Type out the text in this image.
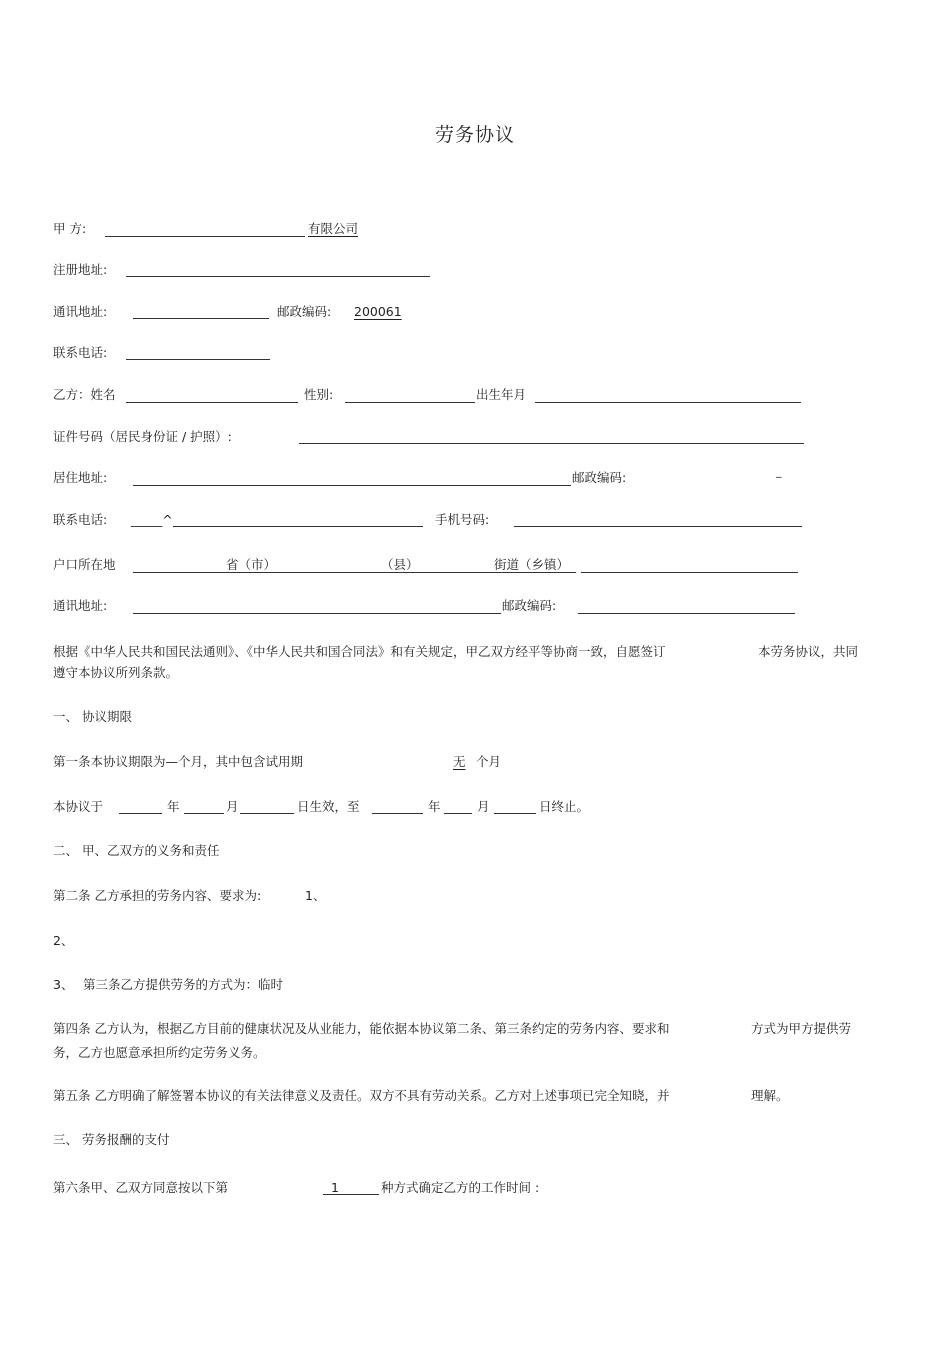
劳务协议
甲 方:	有限公司
注册地址:
通讯地址:	邮政编码: 200061
联系电话:
乙方：姓名	性别:	出生年月
证件号码（居民身份证 / 护照）:
居住地址:	邮政编码:	‾
联系电话: _____^	手机号码:
户口所在地	省（市）	（县）	街道（乡镇）
通讯地址:	邮政编码:
根据《中华人民共和国民法通则》、《中华人民共和国合同法》和有关规定，甲乙双方经平等协商一致，自愿签订	本劳务协议，共同
遵守本协议所列条款。
一、 协议期限
第一条本协议期限为—个月，其中包含试用期	无 个月
本协议于	年	月	日生效，至	年	月	日终止。
二、 甲、乙双方的义务和责任
第二条 乙方承担的劳务内容、要求为:	1、
2、
3、 第三条乙方提供劳务的方式为：临时
第四条 乙方认为，根据乙方目前的健康状况及从业能力，能依据本协议第二条、第三条约定的劳务内容、要求和	方式为甲方提供劳
务，乙方也愿意承担所约定劳务义务。
第五条 乙方明确了解签署本协议的有关法律意义及责任。双方不具有劳动关系。乙方对上述事项已完全知晓，并	理解。
三、 劳务报酬的支付
第六条甲、乙双方同意按以下第	1	种方式确定乙方的工作时间 :
